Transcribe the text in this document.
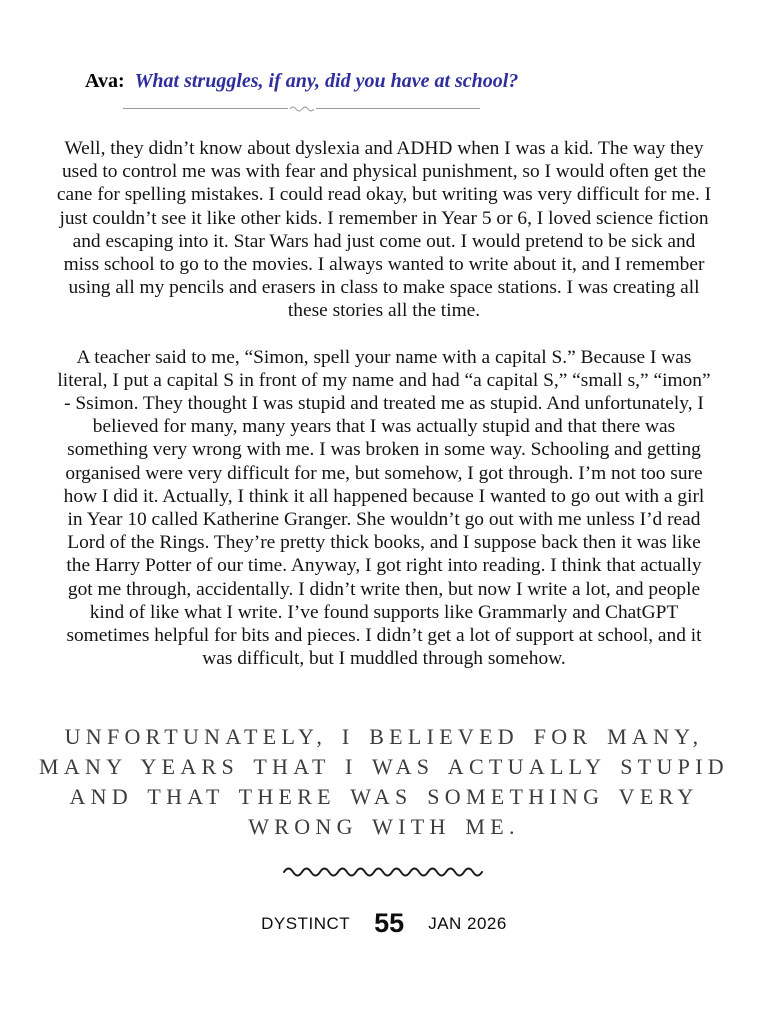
Ava: What struggles, if any, did you have at school?

Well, they didn’t know about dyslexia and ADHD when I was a kid. The way they used to control me was with fear and physical punishment, so I would often get the cane for spelling mistakes. I could read okay, but writing was very difficult for me. I just couldn’t see it like other kids. I remember in Year 5 or 6, I loved science fiction and escaping into it. Star Wars had just come out. I would pretend to be sick and miss school to go to the movies. I always wanted to write about it, and I remember using all my pencils and erasers in class to make space stations. I was creating all these stories all the time.

A teacher said to me, “Simon, spell your name with a capital S.” Because I was literal, I put a capital S in front of my name and had “a capital S,” “small s,” “imon” - Ssimon. They thought I was stupid and treated me as stupid. And unfortunately, I believed for many, many years that I was actually stupid and that there was something very wrong with me. I was broken in some way. Schooling and getting organised were very difficult for me, but somehow, I got through. I’m not too sure how I did it. Actually, I think it all happened because I wanted to go out with a girl in Year 10 called Katherine Granger. She wouldn’t go out with me unless I’d read Lord of the Rings. They’re pretty thick books, and I suppose back then it was like the Harry Potter of our time. Anyway, I got right into reading. I think that actually got me through, accidentally. I didn’t write then, but now I write a lot, and people kind of like what I write. I’ve found supports like Grammarly and ChatGPT sometimes helpful for bits and pieces. I didn’t get a lot of support at school, and it was difficult, but I muddled through somehow.

UNFORTUNATELY, I BELIEVED FOR MANY,
MANY YEARS THAT I WAS ACTUALLY STUPID
AND THAT THERE WAS SOMETHING VERY
WRONG WITH ME.
DYSTINCT 55 JAN 2026
